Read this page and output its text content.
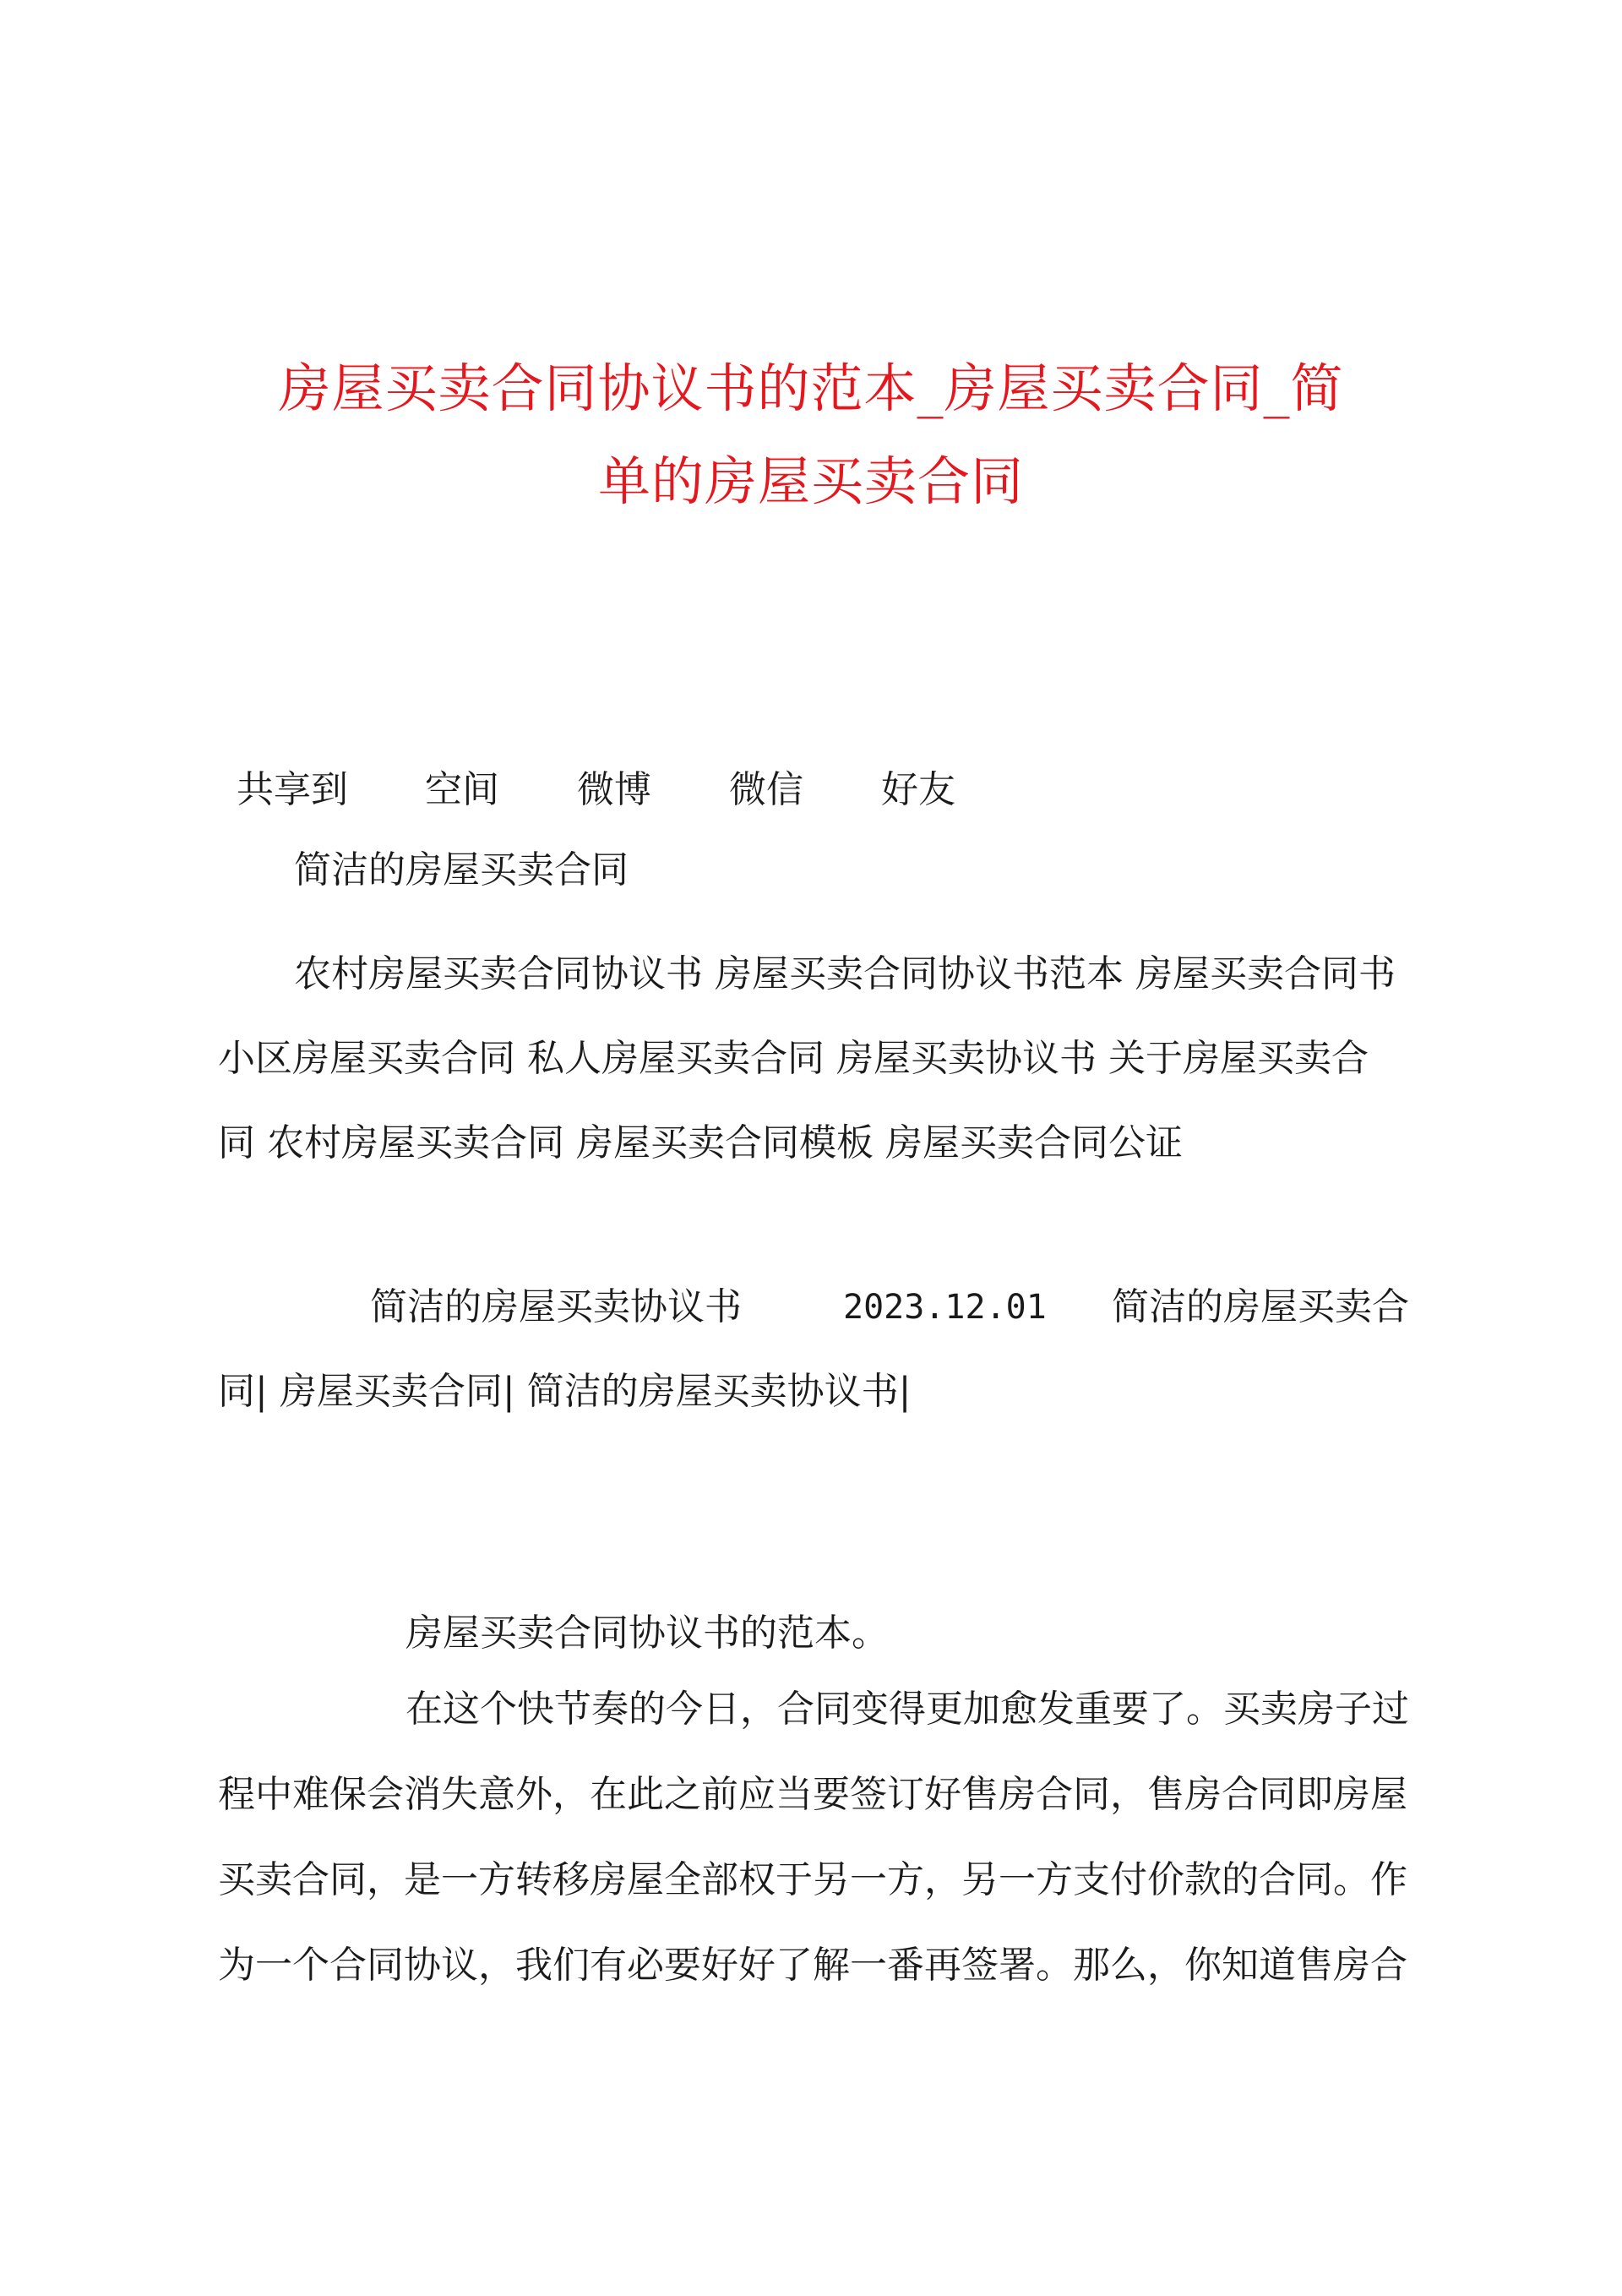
房屋买卖合同协议书的范本_房屋买卖合同_简
单的房屋买卖合同
共享到 空间 微博 微信 好友
简洁的房屋买卖合同
农村房屋买卖合同协议书 房屋买卖合同协议书范本 房屋买卖合同书
小区房屋买卖合同 私人房屋买卖合同 房屋买卖协议书 关于房屋买卖合
同 农村房屋买卖合同 房屋买卖合同模板 房屋买卖合同公证
简洁的房屋买卖协议书	2023.12.01 简洁的房屋买卖合
同| 房屋买卖合同| 简洁的房屋买卖协议书|
房屋买卖合同协议书的范本。
在这个快节奏的今日，合同变得更加愈发重要了。买卖房子过
程中难保会消失意外，在此之前应当要签订好售房合同，售房合同即房屋
买卖合同，是一方转移房屋全部权于另一方，另一方支付价款的合同。作
为一个合同协议，我们有必要好好了解一番再签署。那么，你知道售房合
